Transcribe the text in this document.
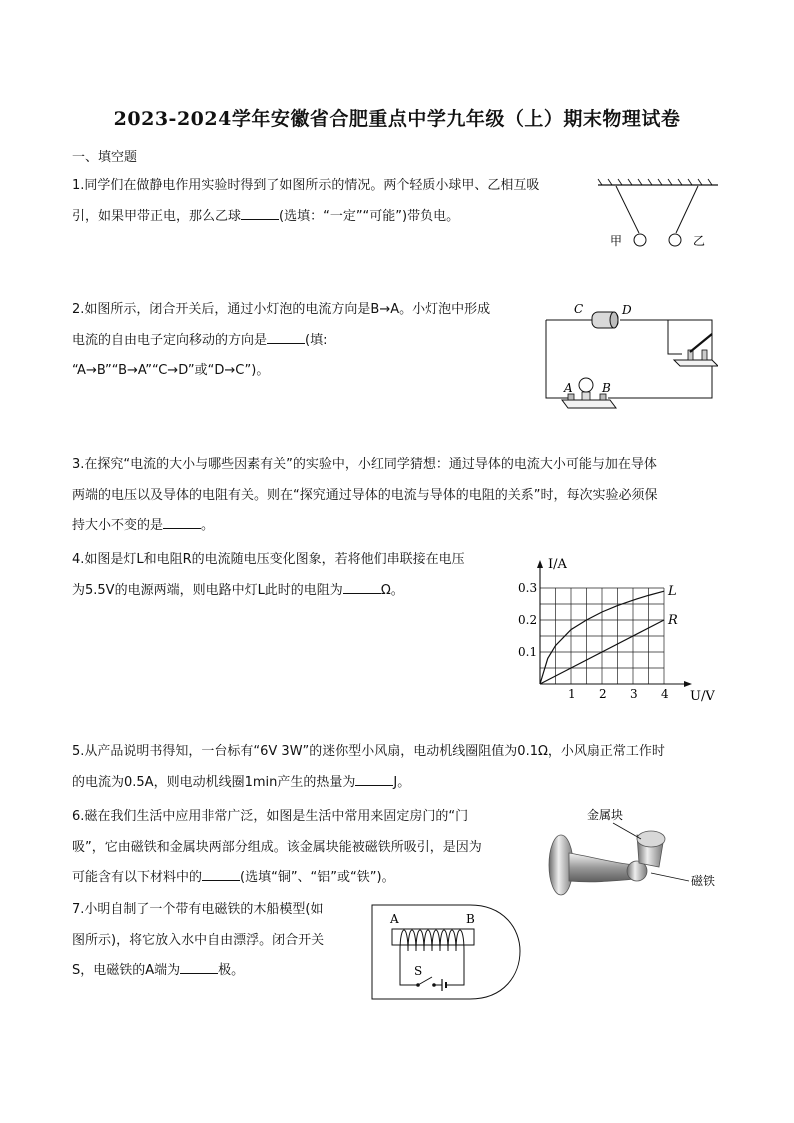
2023-2024学年安徽省合肥重点中学九年级（上）期末物理试卷
一、填空题
1.同学们在做静电作用实验时得到了如图所示的情况。两个轻质小球甲、乙相互吸
引，如果甲带正电，那么乙球	(选填：“一定”“可能”)带负电。
甲	乙
2.如图所示，闭合开关后，通过小灯泡的电流方向是B→A。小灯泡中形成
电流的自由电子定向移动的方向是	(填:
“A→B”“B→A”“C→D”或“D→C”)。
C	D
A B
3.在探究“电流的大小与哪些因素有关”的实验中，小红同学猜想：通过导体的电流大小可能与加在导体
两端的电压以及导体的电阻有关。则在“探究通过导体的电流与导体的电阻的关系”时，每次实验必须保
持大小不变的是	。
4.如图是灯L和电阻R的电流随电压变化图象，若将他们串联接在电压
为5.5V的电源两端，则电路中灯L此时的电阻为	Ω。
1 2 3 4
0.1
0.2
0.3
I/A
U/V
L
R
5.从产品说明书得知，一台标有“6V 3W”的迷你型小风扇，电动机线圈阻值为0.1Ω，小风扇正常工作时
的电流为0.5A，则电动机线圈1min产生的热量为	J。
6.磁在我们生活中应用非常广泛，如图是生活中常用来固定房门的“门
吸”，它由磁铁和金属块两部分组成。该金属块能被磁铁所吸引，是因为
可能含有以下材料中的	(选填“铜”、“铝”或“铁”)。
金属块
磁铁
7.小明自制了一个带有电磁铁的木船模型(如
图所示)，将它放入水中自由漂浮。闭合开关
S，电磁铁的A端为	极。
A	B
S
